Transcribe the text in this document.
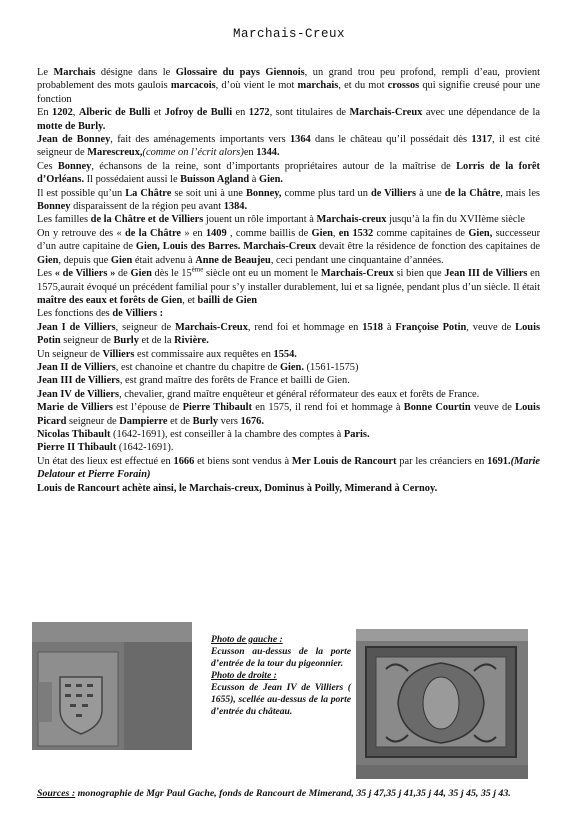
Marchais-Creux

Le Marchais désigne dans le Glossaire du pays Giennois, un grand trou peu profond, rempli d’eau, provient probablement des mots gaulois marcacois, d’où vient le mot marchais, et du mot crossos qui signifie creusé pour une fonction

En 1202, Alberic de Bulli et Jofroy de Bulli en 1272, sont titulaires de Marchais-Creux avec une dépendance de la motte de Burly.

Jean de Bonney, fait des aménagements importants vers 1364 dans le château qu’il possédait dès 1317, il est cité seigneur de Marescreux,(comme on l’écrit alors)en 1344.

Ces Bonney, échansons de la reine, sont d’importants propriétaires autour de la maîtrise de Lorris de la forêt d’Orléans. Il possédaient aussi le Buisson Agland à Gien.

Il est possible qu’un La Châtre se soit uni à une Bonney, comme plus tard un de Villiers à une de la Châtre, mais les Bonney disparaissent de la région peu avant 1384.

Les familles de la Châtre et de Villiers jouent un rôle important à Marchais-creux jusqu’à la fin du XVIIème siècle

On y retrouve des « de la Châtre » en 1409 , comme baillis de Gien, en 1532 comme capitaines de Gien, successeur d’un autre capitaine de Gien, Louis des Barres. Marchais-Creux devait être la résidence de fonction des capitaines de Gien, depuis que Gien était advenu à Anne de Beaujeu, ceci pendant une cinquantaine d’années.

Les « de Villiers » de Gien dès le 15ème siècle ont eu un moment le Marchais-Creux si bien que Jean III de Villiers en 1575,aurait évoqué un précédent familial pour s’y installer durablement, lui et sa lignée, pendant plus d’un siècle. Il était maître des eaux et forêts de Gien, et bailli de Gien

Les fonctions des de Villiers :

Jean I de Villiers, seigneur de Marchais-Creux, rend foi et hommage en 1518 à Françoise Potin, veuve de Louis Potin seigneur de Burly et de la Rivière.

Un seigneur de Villiers est commissaire aux requêtes en 1554.

Jean II de Villiers, est chanoine et chantre du chapitre de Gien. (1561-1575)

Jean III de Villiers, est grand maître des forêts de France et bailli de Gien.

Jean IV de Villiers, chevalier, grand maître enquêteur et général réformateur des eaux et forêts de France.

Marie de Villiers est l’épouse de Pierre Thibault en 1575, il rend foi et hommage à Bonne Courtin veuve de Louis Picard seigneur de Dampierre et de Burly vers 1676.

Nicolas Thibault (1642-1691), est conseiller à la chambre des comptes à Paris.

Pierre II Thibault (1642-1691).

Un état des lieux est effectué en 1666 et biens sont vendus à Mer Louis de Rancourt par les créanciers en 1691.(Marie Delatour et Pierre Forain)

Louis de Rancourt achète ainsi, le Marchais-creux, Dominus à Poilly, Mimerand à Cernoy.

Photo de gauche :

Ecusson au-dessus de la porte d’entrée de la tour du pigeonnier.

Photo de droite :

Ecusson de Jean IV de Villiers ( 1655), scellée au-dessus de la porte d’entrée du château.

Sources : monographie de Mgr Paul Gache, fonds de Rancourt de Mimerand, 35 j 47,35 j 41,35 j 44, 35 j 45, 35 j 43.
